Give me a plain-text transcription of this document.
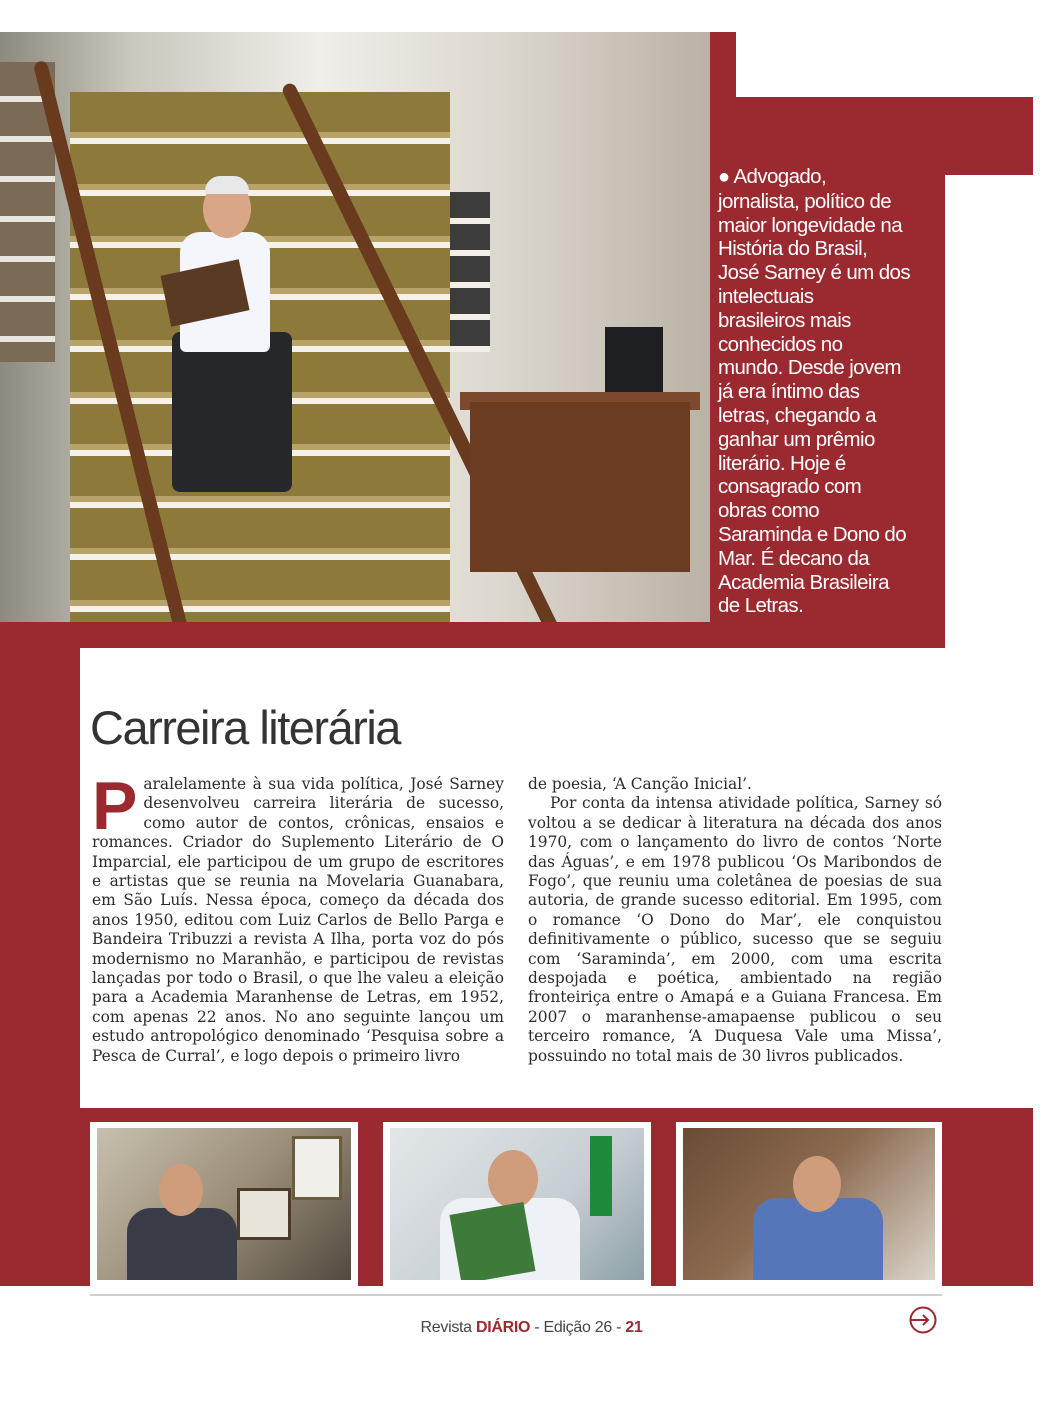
● Advogado,
jornalista, político de
maior longevidade na
História do Brasil,
José Sarney é um dos
intelectuais
brasileiros mais
conhecidos no
mundo. Desde jovem
já era íntimo das
letras, chegando a
ganhar um prêmio
literário. Hoje é
consagrado com
obras como
Saraminda e Dono do
Mar. É decano da
Academia Brasileira
de Letras.
Carreira literária
Paralelamente à sua vida política, José Sarney desenvolveu carreira literária de sucesso, como autor de contos, crônicas, ensaios e romances. Criador do Suplemento Literário de O Imparcial, ele participou de um grupo de escritores e artistas que se reunia na Movelaria Guanabara, em São Luís. Nessa época, começo da década dos anos 1950, editou com Luiz Carlos de Bello Parga e Bandeira Tribuzzi a revista A Ilha, porta voz do pós modernismo no Maranhão, e participou de revistas lançadas por todo o Brasil, o que lhe valeu a eleição para a Academia Maranhense de Letras, em 1952, com apenas 22 anos. No ano seguinte lançou um estudo antropológico denominado ‘Pesquisa sobre a Pesca de Curral’, e logo depois o primeiro livro
de poesia, ‘A Canção Inicial’.
Por conta da intensa atividade política, Sarney só voltou a se dedicar à literatura na década dos anos 1970, com o lançamento do livro de contos ‘Norte das Águas’, e em 1978 publicou ‘Os Maribondos de Fogo’, que reuniu uma coletânea de poesias de sua autoria, de grande sucesso editorial. Em 1995, com o romance ‘O Dono do Mar’, ele conquistou definitivamente o público, sucesso que se seguiu com ‘Saraminda’, em 2000, com uma escrita despojada e poética, ambientado na região fronteiriça entre o Amapá e a Guiana Francesa. Em 2007 o maranhense-amapaense publicou o seu terceiro romance, ‘A Duquesa Vale uma Missa’, possuindo no total mais de 30 livros publicados.
Revista DIÁRIO - Edição 26 - 21
